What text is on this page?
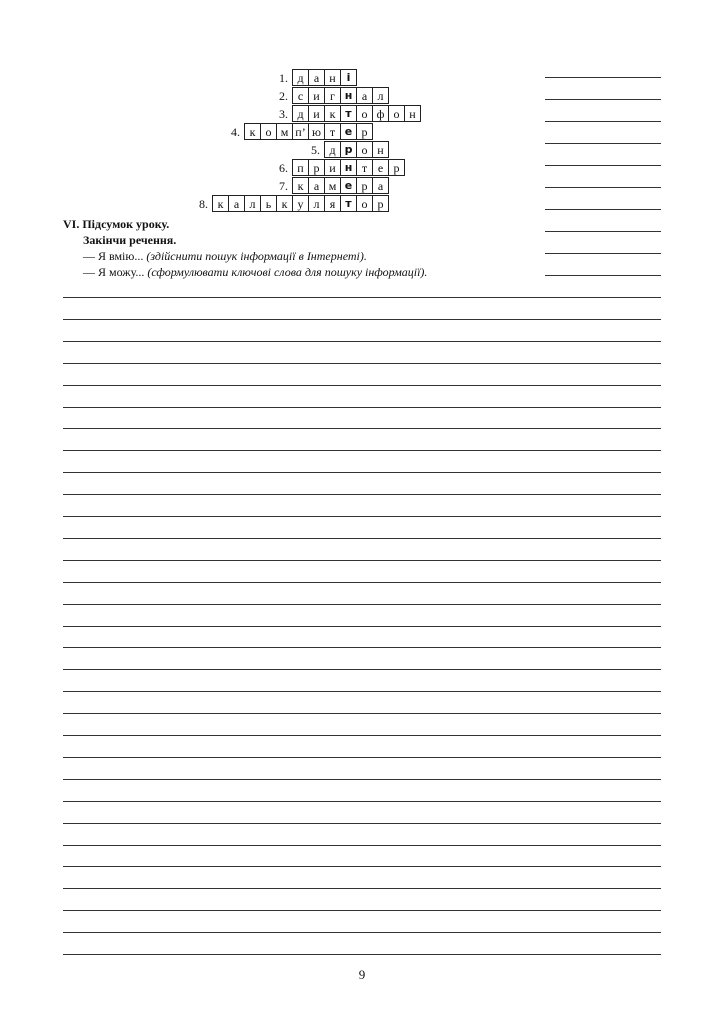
1. д а н і
2. с и г н а л
3. д и к т о ф о н
4. к о м п’ ю т е р
5. д р о н
6. п р и н т е р
7. к а м е р а
8. к а л ь к у л я т о р
VI. Підсумок уроку.
Закінчи речення.
— Я вмію... (здійснити пошук інформації в Інтернеті).
— Я можу... (сформулювати ключові слова для пошуку інформації).
9
